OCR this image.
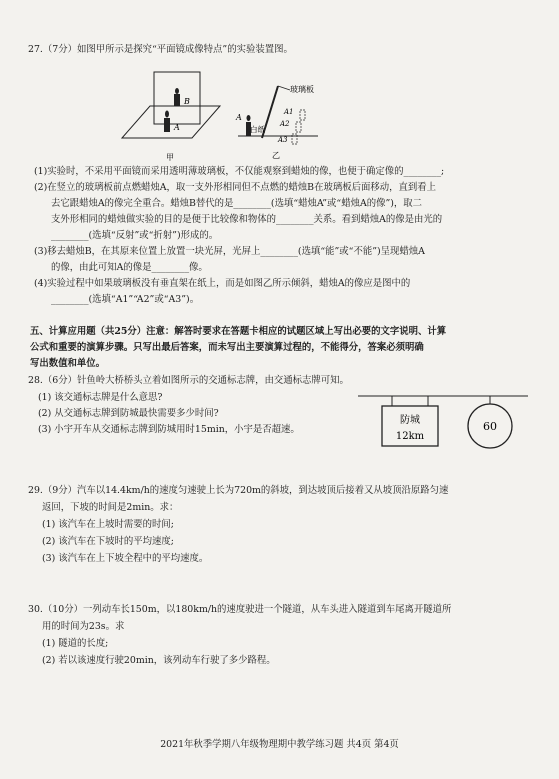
27.（7分）如图甲所示是探究“平面镜成像特点”的实验装置图。
B
A
甲
玻璃板
A
白纸
A1
A2
A3
乙
(1)实验时，不采用平面镜而采用透明薄玻璃板，不仅能观察到蜡烛的像，也便于确定像的________;
(2)在竖立的玻璃板前点燃蜡烛A，取一支外形相同但不点燃的蜡烛B在玻璃板后面移动，直到看上
去它跟蜡烛A的像完全重合。蜡烛B替代的是________(选填“蜡烛A”或“蜡烛A的像”)，取二
支外形相同的蜡烛做实验的目的是便于比较像和物体的________关系。看到蜡烛A的像是由光的
________(选填“反射”或“折射”)形成的。
(3)移去蜡烛B，在其原来位置上放置一块光屏，光屏上________(选填“能”或“不能”)呈现蜡烛A
的像，由此可知A的像是________像。
(4)实验过程中如果玻璃板没有垂直架在纸上，而是如图乙所示倾斜，蜡烛A的像应是图中的
________(选填“A1”“A2”或“A3”)。
五、计算应用题（共25分）注意：解答时要求在答题卡相应的试题区域上写出必要的文字说明、计算
公式和重要的演算步骤。只写出最后答案，而未写出主要演算过程的，不能得分，答案必须明确
写出数值和单位。
28.（6分）针鱼岭大桥桥头立着如图所示的交通标志牌，由交通标志牌可知。
(1) 该交通标志牌是什么意思?
(2) 从交通标志牌到防城最快需要多少时间?
(3) 小宇开车从交通标志牌到防城用时15min，小宇是否超速。
防城
12km
60
29.（9分）汽车以14.4km/h的速度匀速驶上长为720m的斜坡，到达坡顶后接着又从坡顶沿原路匀速
返回，下坡的时间是2min。求：
(1) 该汽车在上坡时需要的时间;
(2) 该汽车在下坡时的平均速度;
(3) 该汽车在上下坡全程中的平均速度。
30.（10分）一列动车长150m，以180km/h的速度驶进一个隧道，从车头进入隧道到车尾离开隧道所
用的时间为23s。求
(1) 隧道的长度;
(2) 若以该速度行驶20min，该列动车行驶了多少路程。
2021年秋季学期八年级物理期中教学练习题 共4页 第4页
